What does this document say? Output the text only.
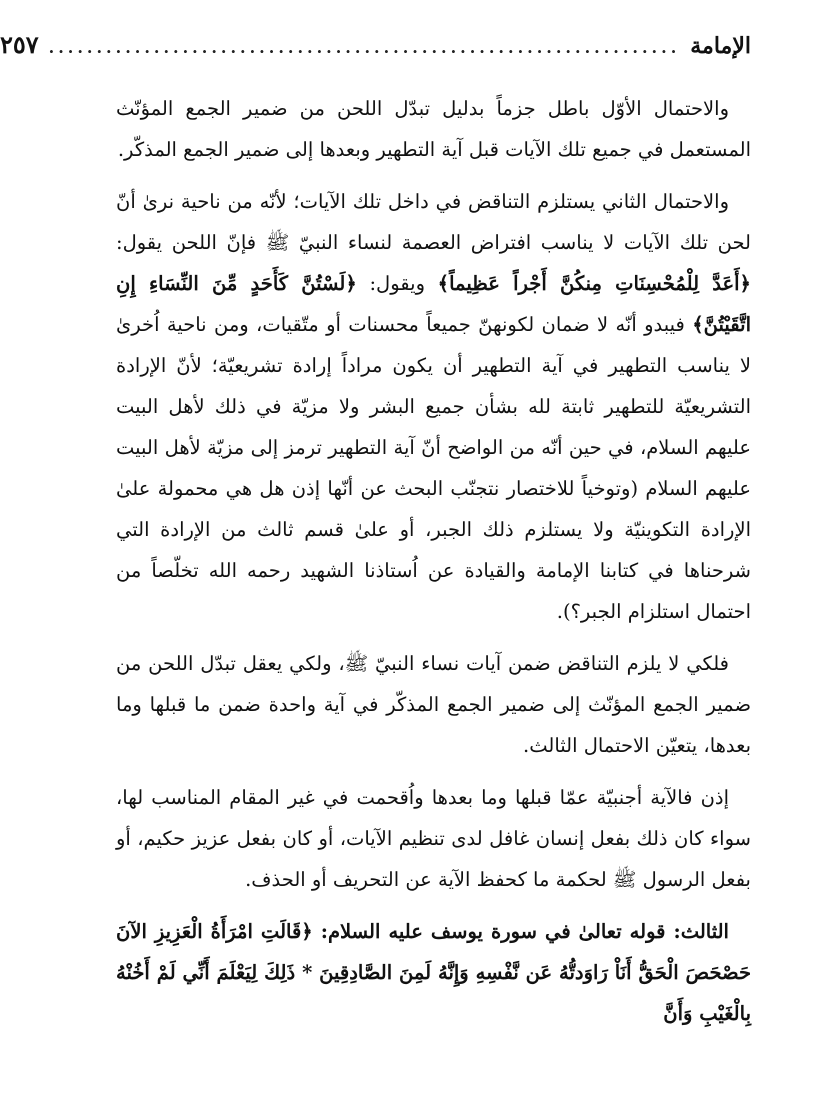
الإمامة
..................................................................
٢٥٧

والاحتمال الأوّل باطل جزماً بدليل تبدّل اللحن من ضمير الجمع المؤنّث المستعمل في جميع تلك الآيات قبل آية التطهير وبعدها إلى ضمير الجمع المذكّر.

والاحتمال الثاني يستلزم التناقض في داخل تلك الآيات؛ لأنّه من ناحية نرىٰ أنّ لحن تلك الآيات لا يناسب افتراض العصمة لنساء النبيّ ﷺ فإنّ اللحن يقول: ﴿أَعَدَّ لِلْمُحْسِنَاتِ مِنكُنَّ أَجْراً عَظِيماً﴾ ويقول: ﴿لَسْتُنَّ كَأَحَدٍ مِّنَ النِّسَاءِ إِنِ اتَّقَيْتُنَّ﴾ فيبدو أنّه لا ضمان لكونهنّ جميعاً محسنات أو متّقيات، ومن ناحية اُخرىٰ لا يناسب التطهير في آية التطهير أن يكون مراداً إرادة تشريعيّة؛ لأنّ الإرادة التشريعيّة للتطهير ثابتة لله بشأن جميع البشر ولا مزيّة في ذلك لأهل البيت عليهم السلام، في حين أنّه من الواضح أنّ آية التطهير ترمز إلى مزيّة لأهل البيت عليهم السلام (وتوخياً للاختصار نتجنّب البحث عن أنّها إذن هل هي محمولة علىٰ الإرادة التكوينيّة ولا يستلزم ذلك الجبر، أو علىٰ قسم ثالث من الإرادة التي شرحناها في كتابنا الإمامة والقيادة عن اُستاذنا الشهيد رحمه الله تخلّصاً من احتمال استلزام الجبر؟).

فلكي لا يلزم التناقض ضمن آيات نساء النبيّ ﷺ، ولكي يعقل تبدّل اللحن من ضمير الجمع المؤنّث إلى ضمير الجمع المذكّر في آية واحدة ضمن ما قبلها وما بعدها، يتعيّن الاحتمال الثالث.

إذن فالآية أجنبيّة عمّا قبلها وما بعدها واُقحمت في غير المقام المناسب لها، سواء كان ذلك بفعل إنسان غافل لدى تنظيم الآيات، أو كان بفعل عزيز حكيم، أو بفعل الرسول ﷺ لحكمة ما كحفظ الآية عن التحريف أو الحذف.

الثالث: قوله تعالىٰ في سورة يوسف عليه السلام: ﴿قَالَتِ امْرَأَةُ الْعَزِيزِ الآنَ حَصْحَصَ الْحَقُّ أَنَاْ رَاوَدتُّهُ عَن نَّفْسِهِ وَإِنَّهُ لَمِنَ الصَّادِقِينَ * ذَلِكَ لِيَعْلَمَ أَنِّي لَمْ أَخُنْهُ بِالْغَيْبِ وَأَنَّ
